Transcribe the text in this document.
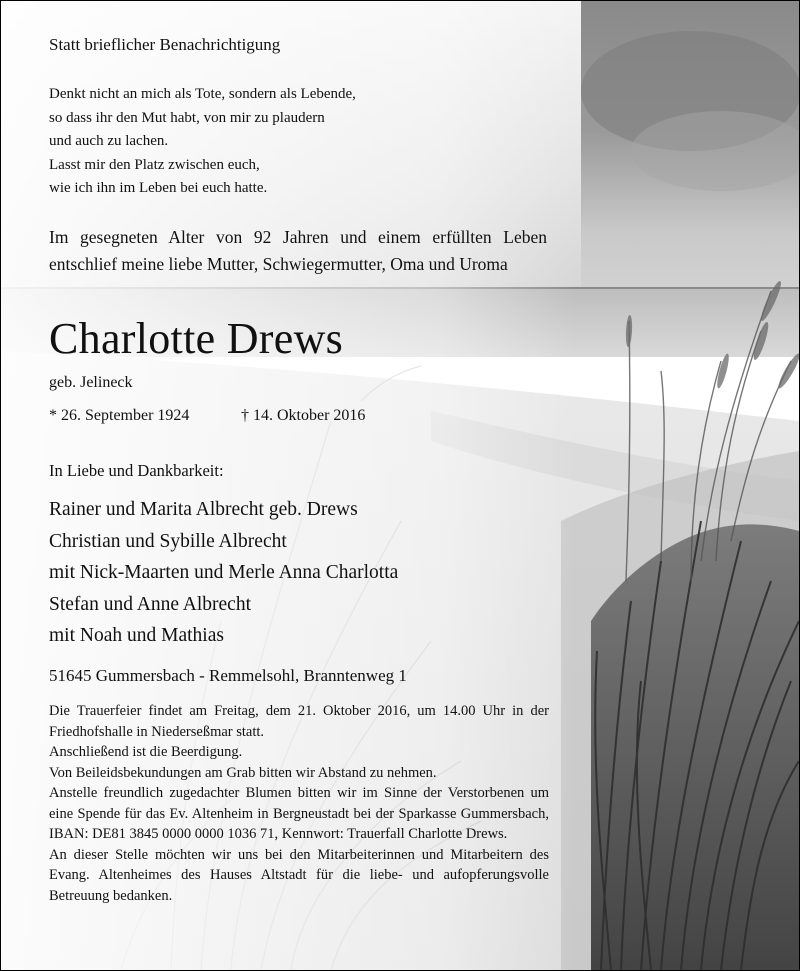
Statt brieflicher Benachrichtigung
Denkt nicht an mich als Tote, sondern als Lebende,
so dass ihr den Mut habt, von mir zu plaudern
und auch zu lachen.
Lasst mir den Platz zwischen euch,
wie ich ihn im Leben bei euch hatte.
Im gesegneten Alter von 92 Jahren und einem erfüllten Leben entschlief meine liebe Mutter, Schwiegermutter, Oma und Uroma
Charlotte Drews
geb. Jelineck
* 26. September 1924	† 14. Oktober 2016
In Liebe und Dankbarkeit:
Rainer und Marita Albrecht geb. Drews
Christian und Sybille Albrecht
mit Nick-Maarten und Merle Anna Charlotta
Stefan und Anne Albrecht
mit Noah und Mathias
51645 Gummersbach - Remmelsohl, Branntenweg 1

Die Trauerfeier findet am Freitag, dem 21. Oktober 2016, um 14.00 Uhr in der Friedhofshalle in Niederseßmar statt.

Anschließend ist die Beerdigung.

Von Beileidsbekundungen am Grab bitten wir Abstand zu nehmen.

Anstelle freundlich zugedachter Blumen bitten wir im Sinne der Verstorbenen um eine Spende für das Ev. Altenheim in Bergneustadt bei der Sparkasse Gummersbach, IBAN: DE81 3845 0000 0000 1036 71, Kennwort: Trauerfall Charlotte Drews.

An dieser Stelle möchten wir uns bei den Mitarbeiterinnen und Mitarbeitern des Evang. Altenheimes des Hauses Altstadt für die liebe- und aufopferungsvolle Betreuung bedanken.
